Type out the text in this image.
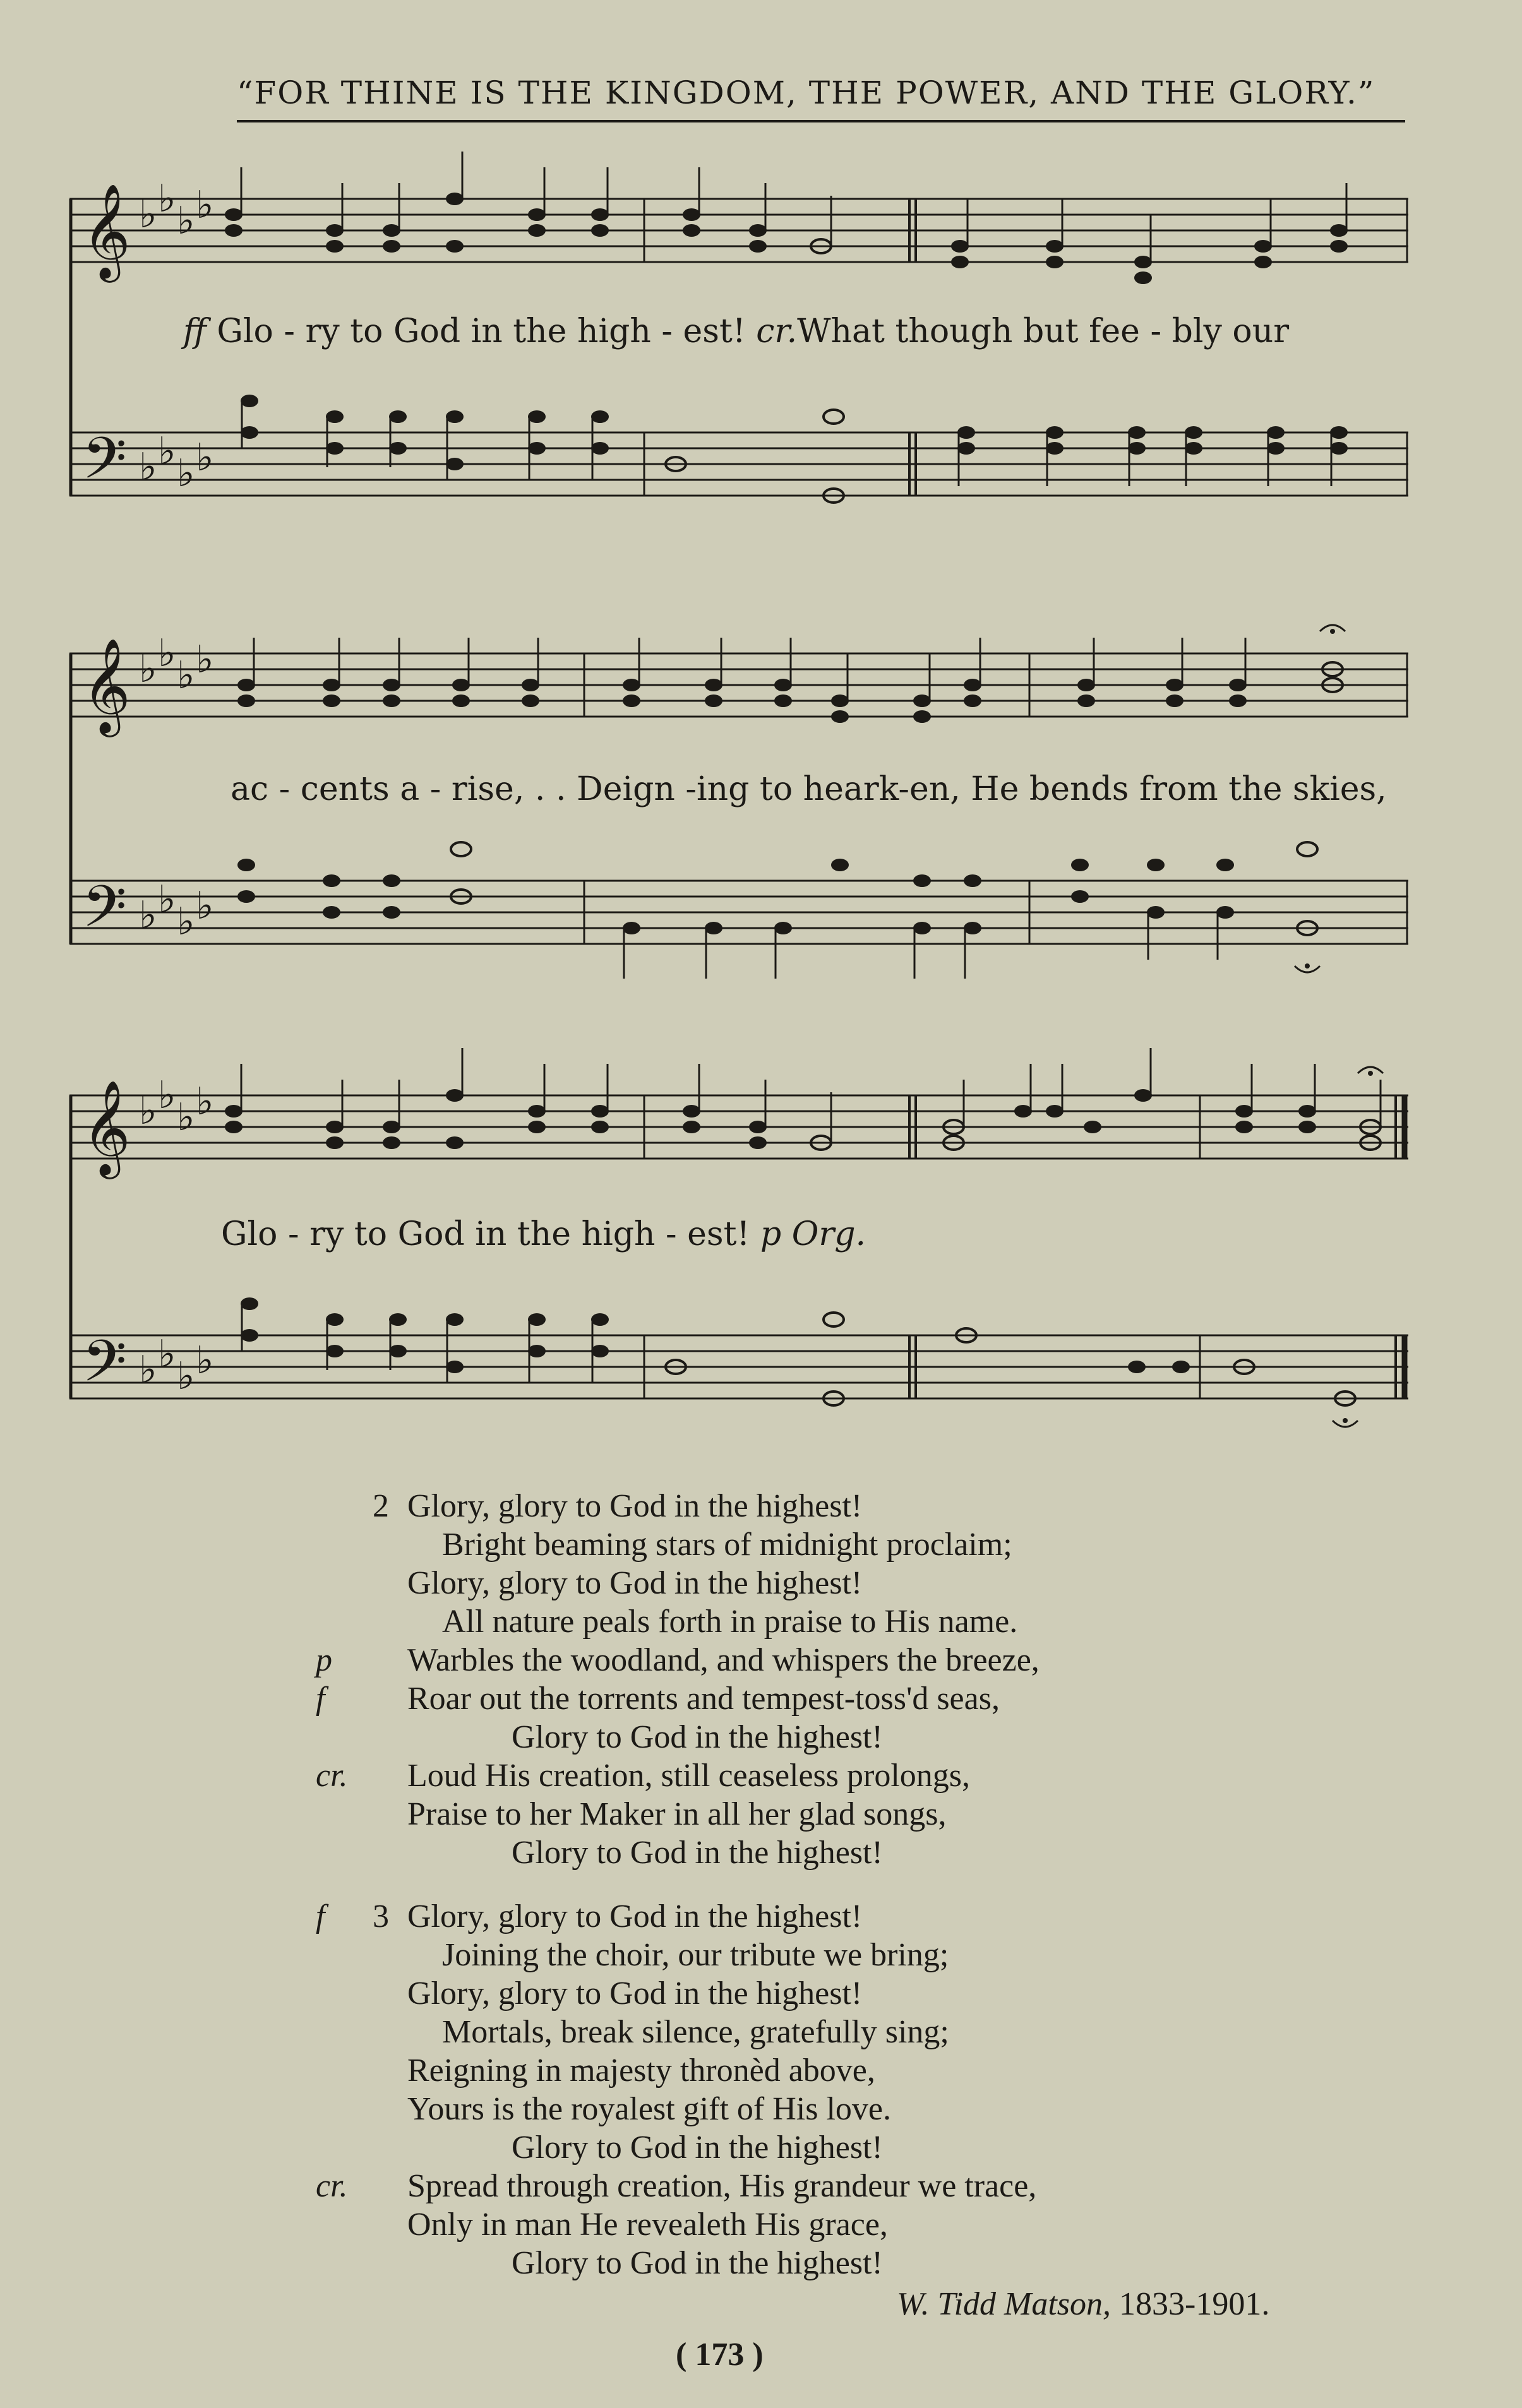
“FOR THINE IS THE KINGDOM, THE POWER, AND THE GLORY.”
𝄞
𝄢
♭ ♭ ♭ ♭
♭ ♭ ♭ ♭
ff Glo - ry to God in the high - est! cr.What though but fee - bly our
𝄞
𝄢
♭ ♭ ♭ ♭
♭ ♭ ♭ ♭
ac - cents a - rise, . . Deign -ing to heark-en, He bends from the skies,
𝄞
𝄢
♭ ♭ ♭ ♭
♭ ♭ ♭ ♭
Glo - ry to God in the high - est! p Org.
2 Glory, glory to God in the highest!
Bright beaming stars of midnight proclaim;
Glory, glory to God in the highest!
All nature peals forth in praise to His name.
p Warbles the woodland, and whispers the breeze,
f	Roar out the torrents and tempest-toss'd seas,
Glory to God in the highest!
cr. Loud His creation, still ceaseless prolongs,
Praise to her Maker in all her glad songs,
Glory to God in the highest!
f 3 Glory, glory to God in the highest!
Joining the choir, our tribute we bring;
Glory, glory to God in the highest!
Mortals, break silence, gratefully sing;
Reigning in majesty thronèd above,
Yours is the royalest gift of His love.
Glory to God in the highest!
cr. Spread through creation, His grandeur we trace,
Only in man He revealeth His grace,
Glory to God in the highest!
W. Tidd Matson, 1833-1901.
( 173 )
